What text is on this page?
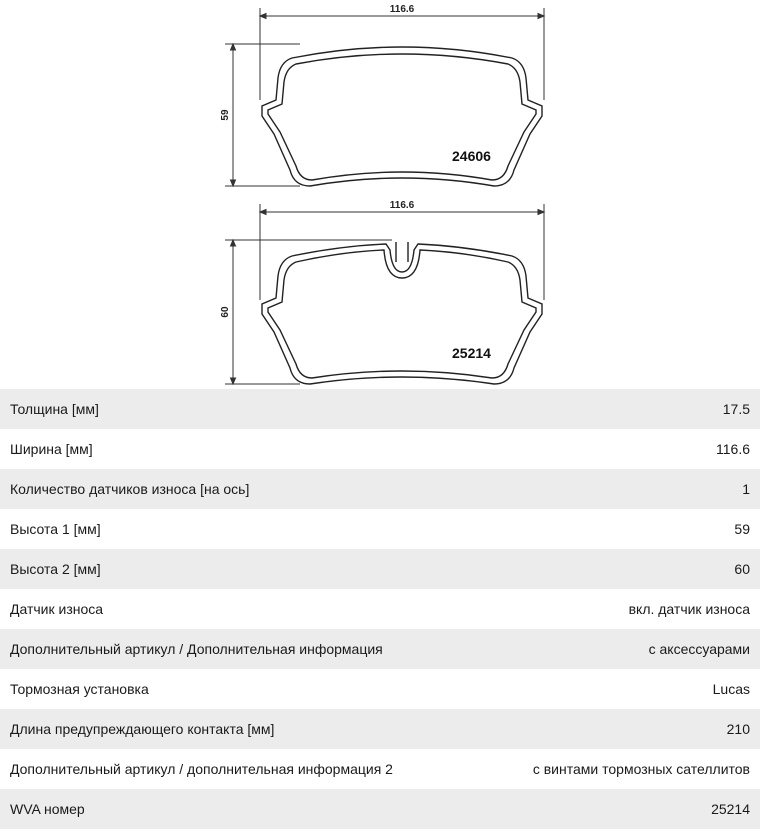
116.6
59
24606
116.6
60
25214
Толщина [мм]	17.5
Ширина [мм]	116.6
Количество датчиков износа [на ось]	1
Высота 1 [мм]	59
Высота 2 [мм]	60
Датчик износа	вкл. датчик износа
Дополнительный артикул / Дополнительная информация	с аксессуарами
Тормозная установка	Lucas
Длина предупреждающего контакта [мм]	210
Дополнительный артикул / дополнительная информация 2	с винтами тормозных сателлитов
WVA номер	25214
